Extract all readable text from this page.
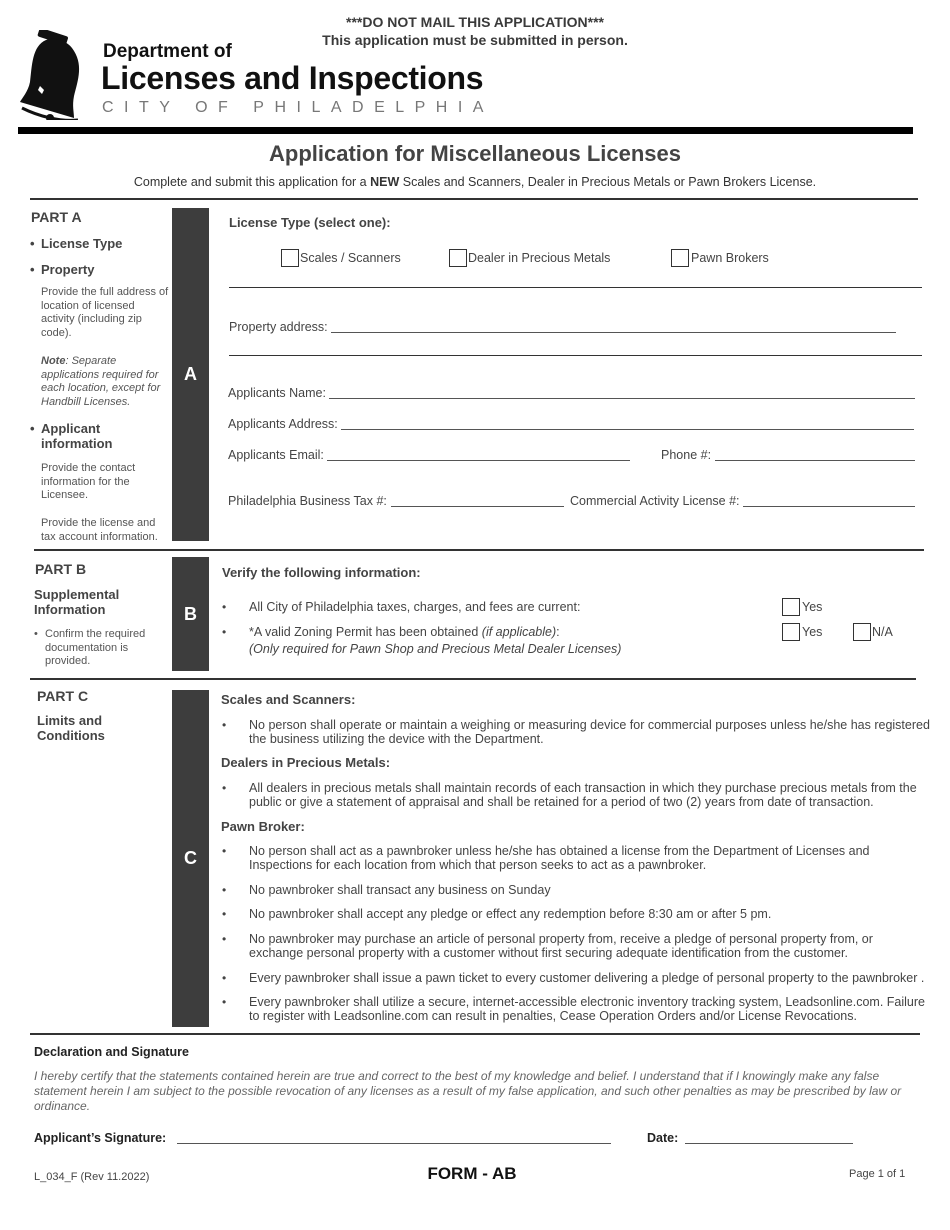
***DO NOT MAIL THIS APPLICATION***
This application must be submitted in person.
Department of
Licenses and Inspections
CITY OF PHILADELPHIA
Application for Miscellaneous Licenses
Complete and submit this application for a NEW Scales and Scanners, Dealer in Precious Metals or Pawn Brokers License.
PART A
• License Type
• Property
Provide the full address of location of licensed activity (including zip code).
Note: Separate applications required for each location, except for Handbill Licenses.
• Applicant information
Provide the contact information for the Licensee.
Provide the license and tax account information.
A
License Type (select one):
Scales / Scanners	Dealer in Precious Metals	Pawn Brokers
Property address:
Applicants Name:
Applicants Address:
Applicants Email:	Phone #:
Philadelphia Business Tax #:	Commercial Activity License #:
PART B
Supplemental Information
• Confirm the required documentation is provided.
B
Verify the following information:
• All City of Philadelphia taxes, charges, and fees are current:	Yes
• *A valid Zoning Permit has been obtained (if applicable):
(Only required for Pawn Shop and Precious Metal Dealer Licenses)
Yes	N/A
PART C
Limits and Conditions
C
Scales and Scanners:
• No person shall operate or maintain a weighing or measuring device for commercial purposes unless he/she has registered the business utilizing the device with the Department.
Dealers in Precious Metals:
• All dealers in precious metals shall maintain records of each transaction in which they purchase precious metals from the public or give a statement of appraisal and shall be retained for a period of two (2) years from date of transaction.
Pawn Broker:
• No person shall act as a pawnbroker unless he/she has obtained a license from the Department of Licenses and Inspections for each location from which that person seeks to act as a pawnbroker.
• No pawnbroker shall transact any business on Sunday
• No pawnbroker shall accept any pledge or effect any redemption before 8:30 am or after 5 pm.
• No pawnbroker may purchase an article of personal property from, receive a pledge of personal property from, or exchange personal property with a customer without first securing adequate identification from the customer.
• Every pawnbroker shall issue a pawn ticket to every customer delivering a pledge of personal property to the pawnbroker .
• Every pawnbroker shall utilize a secure, internet-accessible electronic inventory tracking system, Leadsonline.com. Failure to register with Leadsonline.com can result in penalties, Cease Operation Orders and/or License Revocations.
Declaration and Signature
I hereby certify that the statements contained herein are true and correct to the best of my knowledge and belief. I understand that if I knowingly make any false statement herein I am subject to the possible revocation of any licenses as a result of my false application, and such other penalties as may be prescribed by law or ordinance.
Applicant’s Signature:	Date:
L_034_F (Rev 11.2022)	FORM - AB	Page 1 of 1
